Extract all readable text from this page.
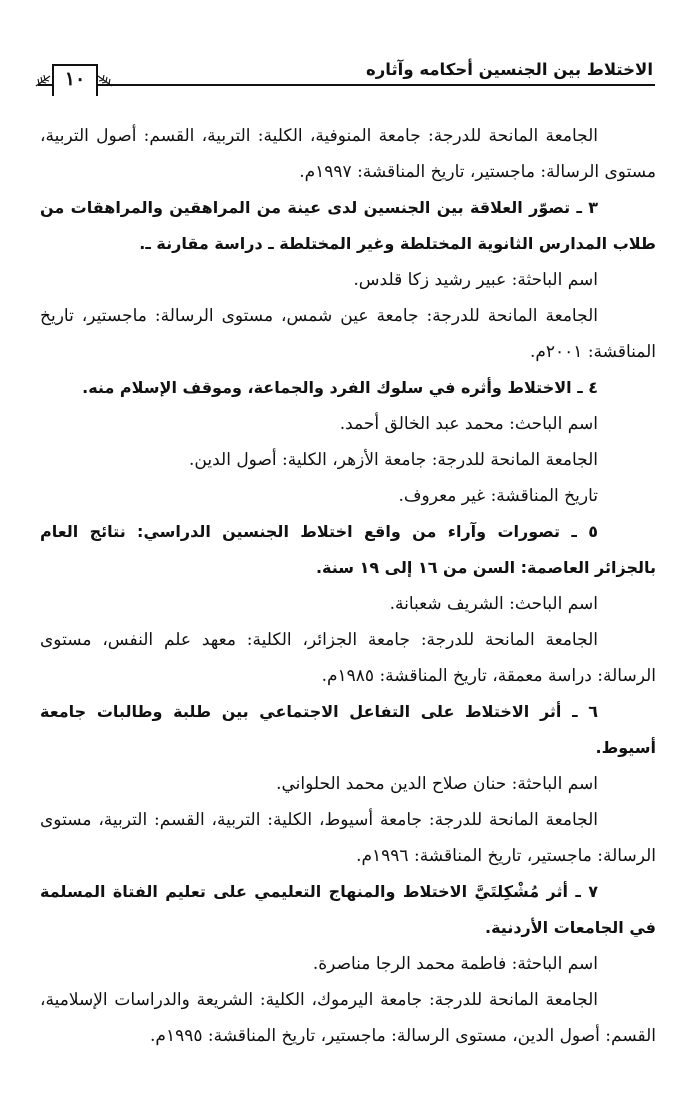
الاختلاط بين الجنسين أحكامه وآثاره
١٠

الجامعة المانحة للدرجة: جامعة المنوفية، الكلية: التربية، القسم: أصول التربية، مستوى الرسالة: ماجستير، تاريخ المناقشة: ١٩٩٧م.

٣ ـ تصوّر العلاقة بين الجنسين لدى عينة من المراهقين والمراهقات من طلاب المدارس الثانوية المختلطة وغير المختلطة ـ دراسة مقارنة ـ.

اسم الباحثة: عبير رشيد زكا قلدس.

الجامعة المانحة للدرجة: جامعة عين شمس، مستوى الرسالة: ماجستير، تاريخ المناقشة: ٢٠٠١م.

٤ ـ الاختلاط وأثره في سلوك الفرد والجماعة، وموقف الإسلام منه.

اسم الباحث: محمد عبد الخالق أحمد.

الجامعة المانحة للدرجة: جامعة الأزهر، الكلية: أصول الدين.

تاريخ المناقشة: غير معروف.

٥ ـ تصورات وآراء من واقع اختلاط الجنسين الدراسي: نتائج العام بالجزائر العاصمة: السن من ١٦ إلى ١٩ سنة.

اسم الباحث: الشريف شعبانة.

الجامعة المانحة للدرجة: جامعة الجزائر، الكلية: معهد علم النفس، مستوى الرسالة: دراسة معمقة، تاريخ المناقشة: ١٩٨٥م.

٦ ـ أثر الاختلاط على التفاعل الاجتماعي بين طلبة وطالبات جامعة أسيوط.

اسم الباحثة: حنان صلاح الدين محمد الحلواني.

الجامعة المانحة للدرجة: جامعة أسيوط، الكلية: التربية، القسم: التربية، مستوى الرسالة: ماجستير، تاريخ المناقشة: ١٩٩٦م.

٧ ـ أثر مُشْكِلتَيَّ الاختلاط والمنهاج التعليمي على تعليم الفتاة المسلمة في الجامعات الأردنية.

اسم الباحثة: فاطمة محمد الرجا مناصرة.

الجامعة المانحة للدرجة: جامعة اليرموك، الكلية: الشريعة والدراسات الإسلامية، القسم: أصول الدين، مستوى الرسالة: ماجستير، تاريخ المناقشة: ١٩٩٥م.
